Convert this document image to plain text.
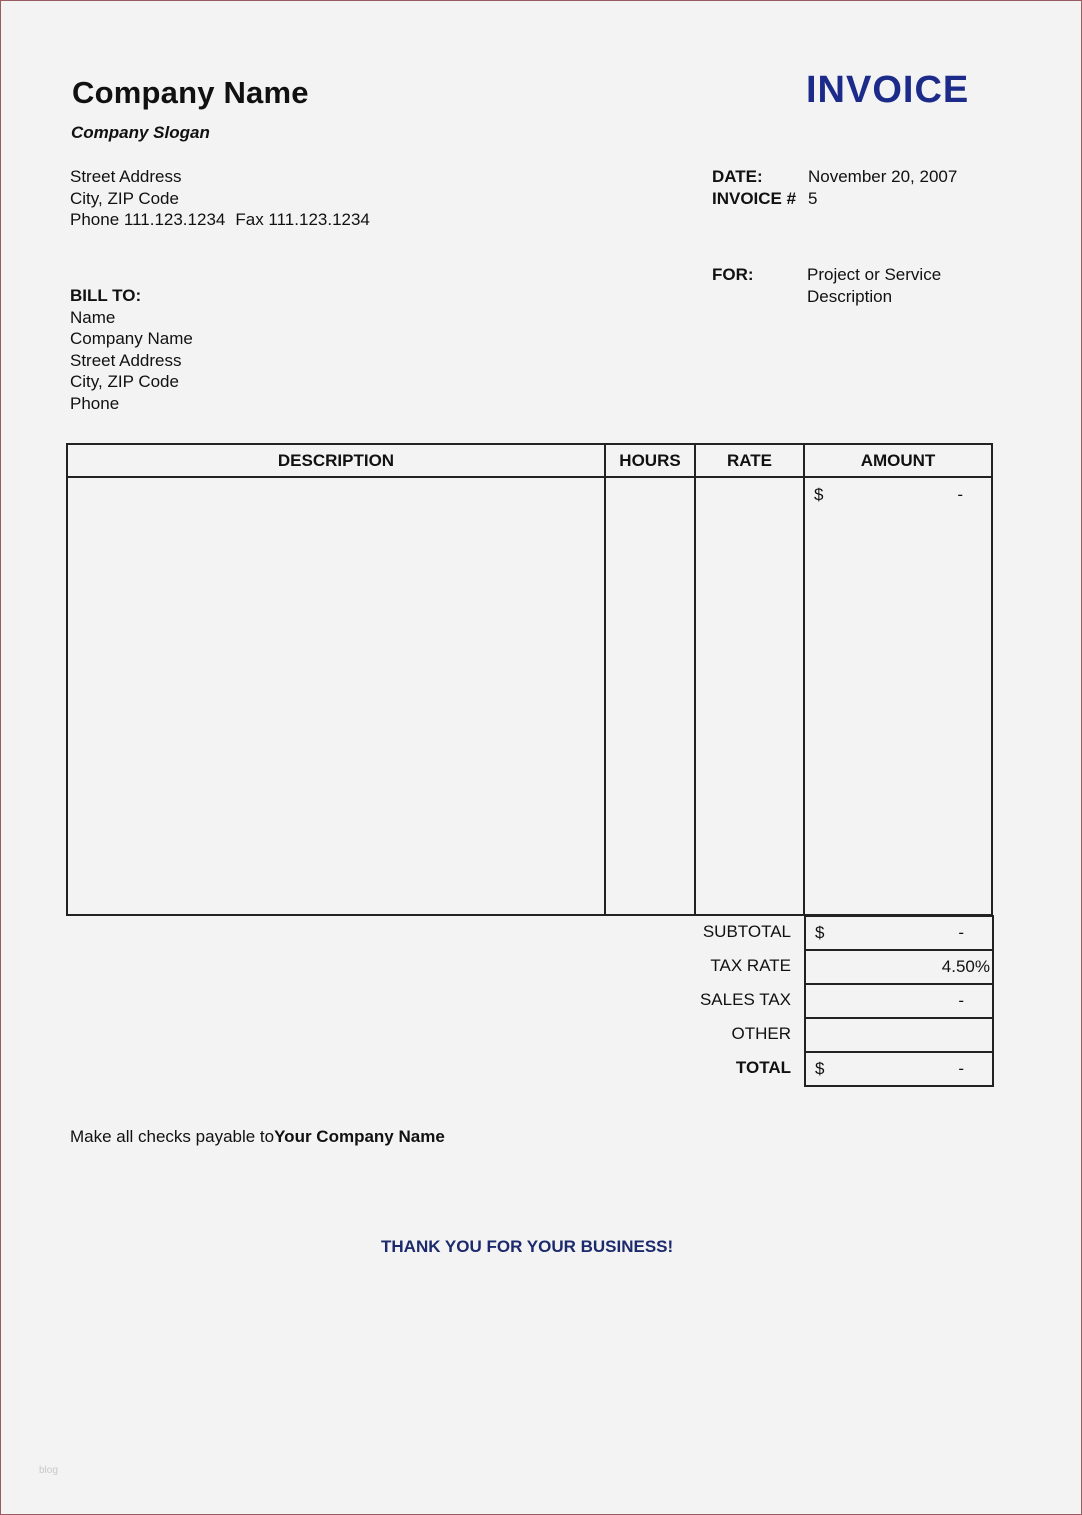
Company Name
Company Slogan
INVOICE
Street Address
City, ZIP Code
Phone 111.123.1234 Fax 111.123.1234
DATE:	November 20, 2007
INVOICE # 5
FOR:	Project or Service
Description
BILL TO:
Name
Company Name
Street Address
City, ZIP Code
Phone
DESCRIPTION	HOURS	RATE	AMOUNT

			$ -
SUBTOTAL $	-
TAX RATE	4.50%
SALES TAX	-
OTHER
TOTAL $	-
Make all checks payable toYour Company Name
THANK YOU FOR YOUR BUSINESS!
blog
